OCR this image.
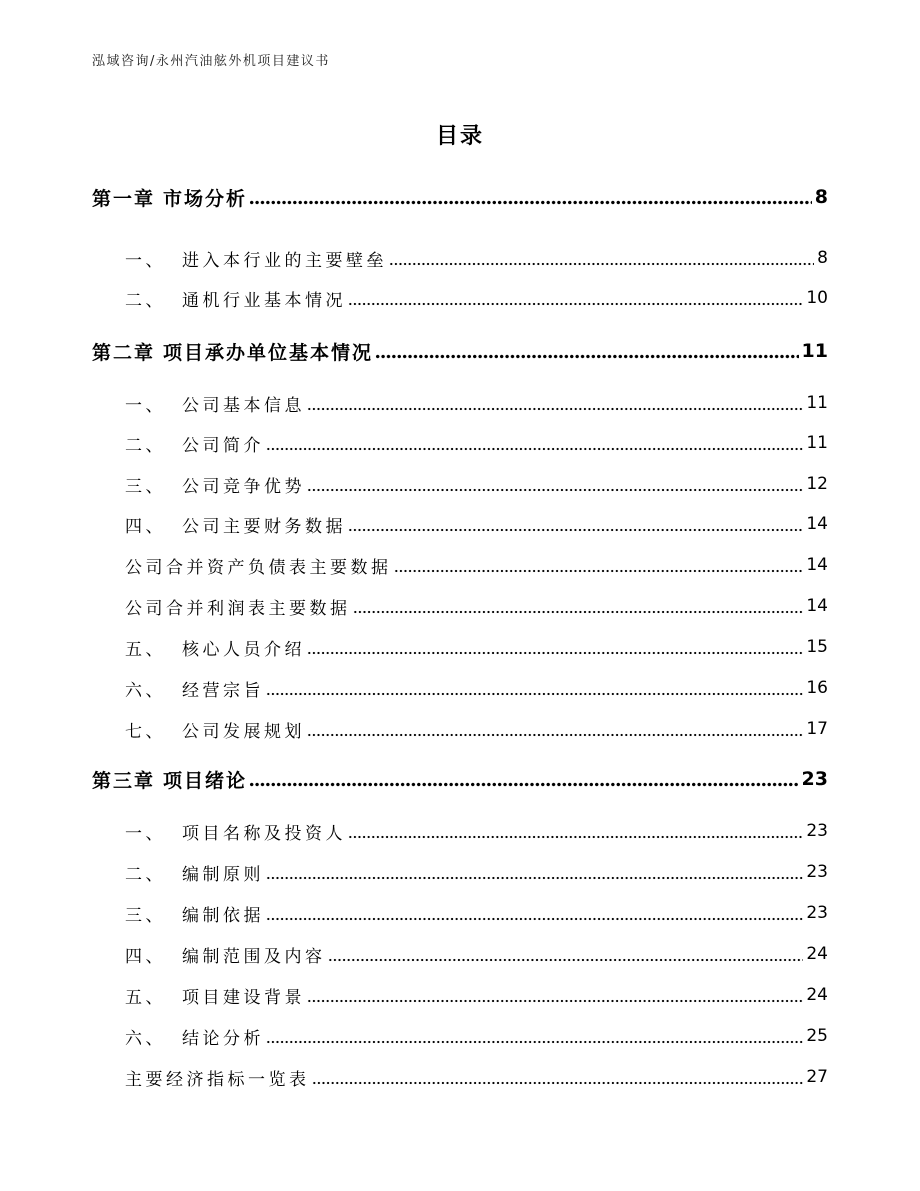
泓域咨询/永州汽油舷外机项目建议书
目录
第一章 市场分析	8
一、 进入本行业的主要壁垒	8
二、 通机行业基本情况	10
第二章 项目承办单位基本情况	11
一、 公司基本信息	11
二、 公司简介	11
三、 公司竞争优势	12
四、 公司主要财务数据	14
公司合并资产负债表主要数据	14
公司合并利润表主要数据	14
五、 核心人员介绍	15
六、 经营宗旨	16
七、 公司发展规划	17
第三章 项目绪论	23
一、 项目名称及投资人	23
二、 编制原则	23
三、 编制依据	23
四、 编制范围及内容	24
五、 项目建设背景	24
六、 结论分析	25
主要经济指标一览表	27
